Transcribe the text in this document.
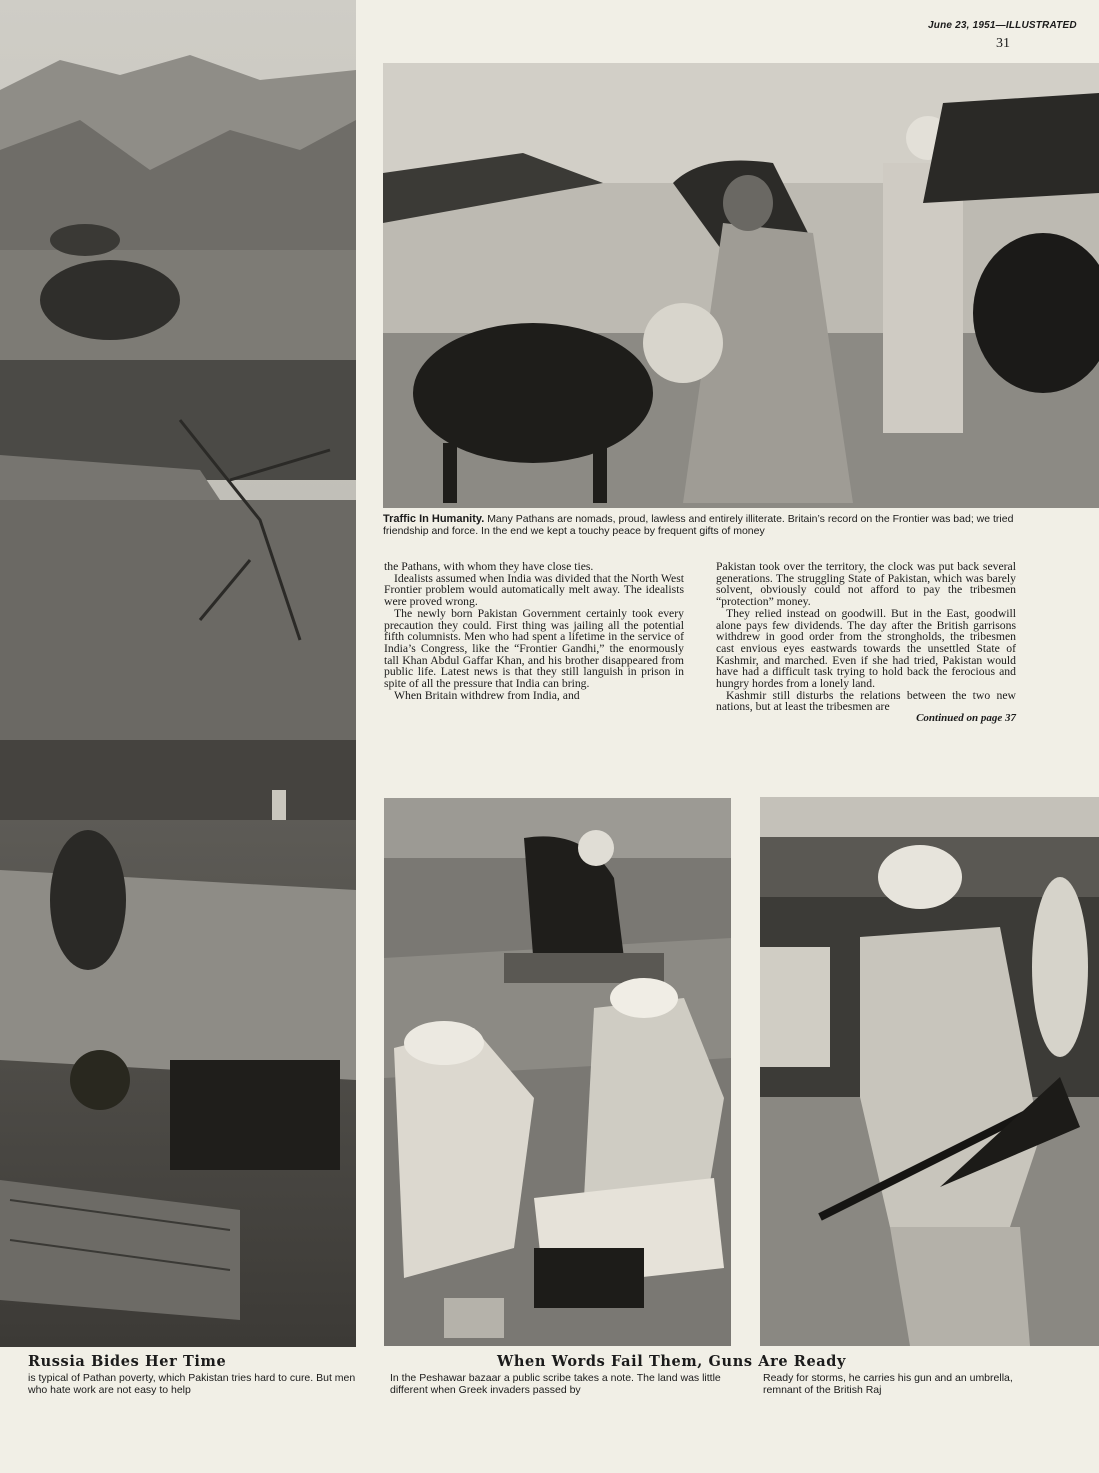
June 23, 1951—ILLUSTRATED
31
Traffic In Humanity. Many Pathans are nomads, proud, lawless and entirely illiterate. Britain’s record on the Frontier was bad; we tried friendship and force. In the end we kept a touchy peace by frequent gifts of money

the Pathans, with whom they have close ties.

Idealists assumed when India was divided that the North West Frontier problem would automatically melt away. The idealists were proved wrong.

The newly born Pakistan Government certainly took every precaution they could. First thing was jailing all the potential fifth columnists. Men who had spent a lifetime in the service of India’s Congress, like the “Frontier Gandhi,” the enormously tall Khan Abdul Gaffar Khan, and his brother disappeared from public life. Latest news is that they still languish in prison in spite of all the pressure that India can bring.

When Britain withdrew from India, and

Pakistan took over the territory, the clock was put back several generations. The struggling State of Pakistan, which was barely solvent, obviously could not afford to pay the tribesmen “protection” money.

They relied instead on goodwill. But in the East, goodwill alone pays few dividends. The day after the British garrisons withdrew in good order from the strongholds, the tribesmen cast envious eyes eastwards towards the unsettled State of Kashmir, and marched. Even if she had tried, Pakistan would have had a difficult task trying to hold back the ferocious and hungry hordes from a lonely land.

Kashmir still disturbs the relations between the two new nations, but at least the tribesmen are

Continued on page 37
Russia Bides Her Time
is typical of Pathan poverty, which Pakistan tries hard to cure. But men who hate work are not easy to help
When Words Fail Them, Guns Are Ready
In the Peshawar bazaar a public scribe takes a note. The land was little different when Greek invaders passed by
Ready for storms, he carries his gun and an umbrella, remnant of the British Raj
